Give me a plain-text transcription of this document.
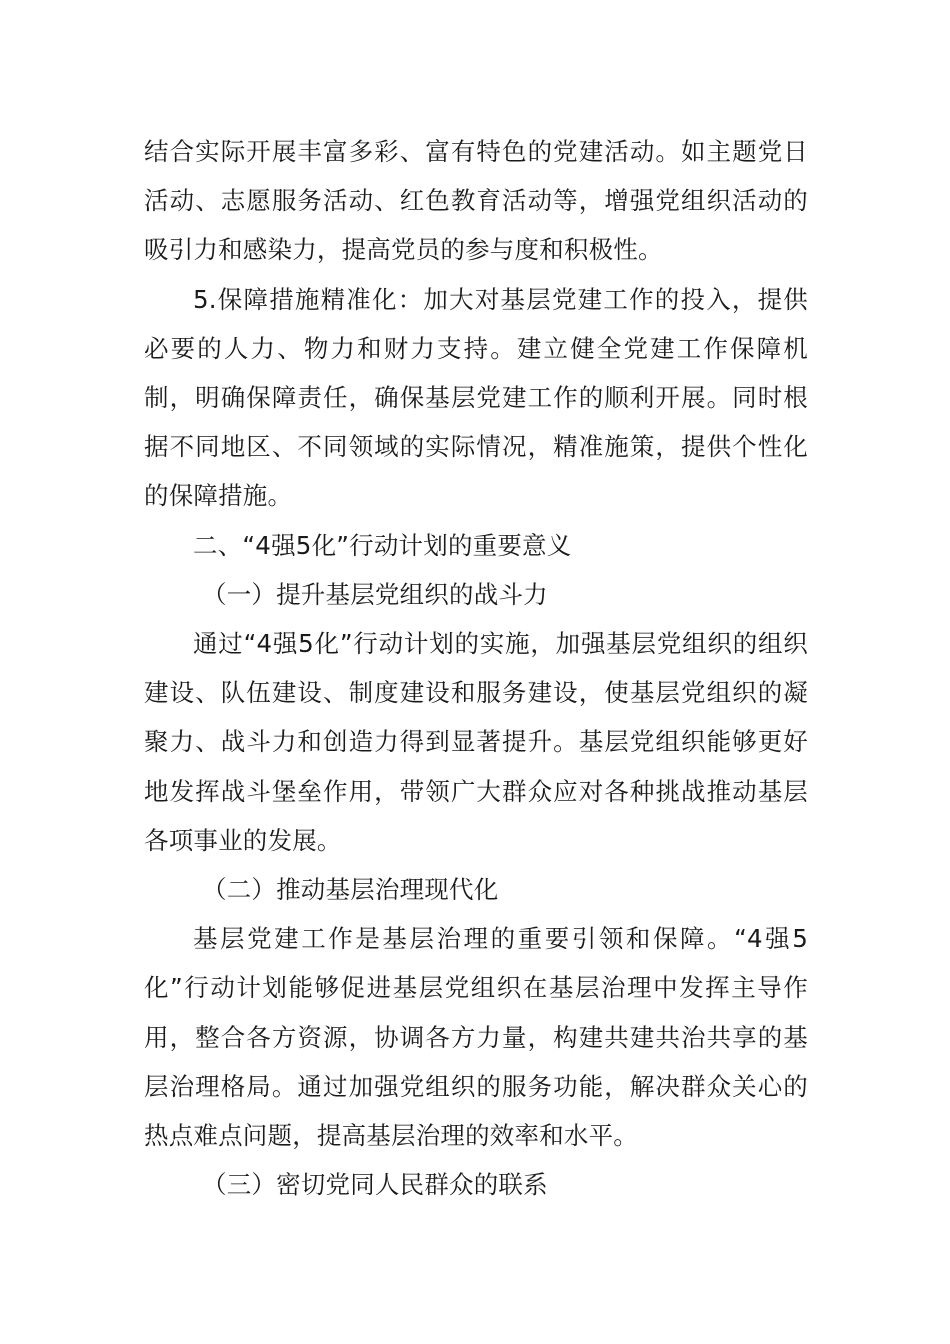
结合实际开展丰富多彩、富有特色的党建活动。如主题党日活动、志愿服务活动、红色教育活动等，增强党组织活动的吸引力和感染力，提高党员的参与度和积极性。

5.保障措施精准化：加大对基层党建工作的投入，提供必要的人力、物力和财力支持。建立健全党建工作保障机制，明确保障责任，确保基层党建工作的顺利开展。同时根据不同地区、不同领域的实际情况，精准施策，提供个性化的保障措施。

二、“4强5化”行动计划的重要意义

（一）提升基层党组织的战斗力

通过“4强5化”行动计划的实施，加强基层党组织的组织建设、队伍建设、制度建设和服务建设，使基层党组织的凝聚力、战斗力和创造力得到显著提升。基层党组织能够更好地发挥战斗堡垒作用，带领广大群众应对各种挑战推动基层各项事业的发展。

（二）推动基层治理现代化

基层党建工作是基层治理的重要引领和保障。“4强5化”行动计划能够促进基层党组织在基层治理中发挥主导作用，整合各方资源，协调各方力量，构建共建共治共享的基层治理格局。通过加强党组织的服务功能，解决群众关心的热点难点问题，提高基层治理的效率和水平。

（三）密切党同人民群众的联系
